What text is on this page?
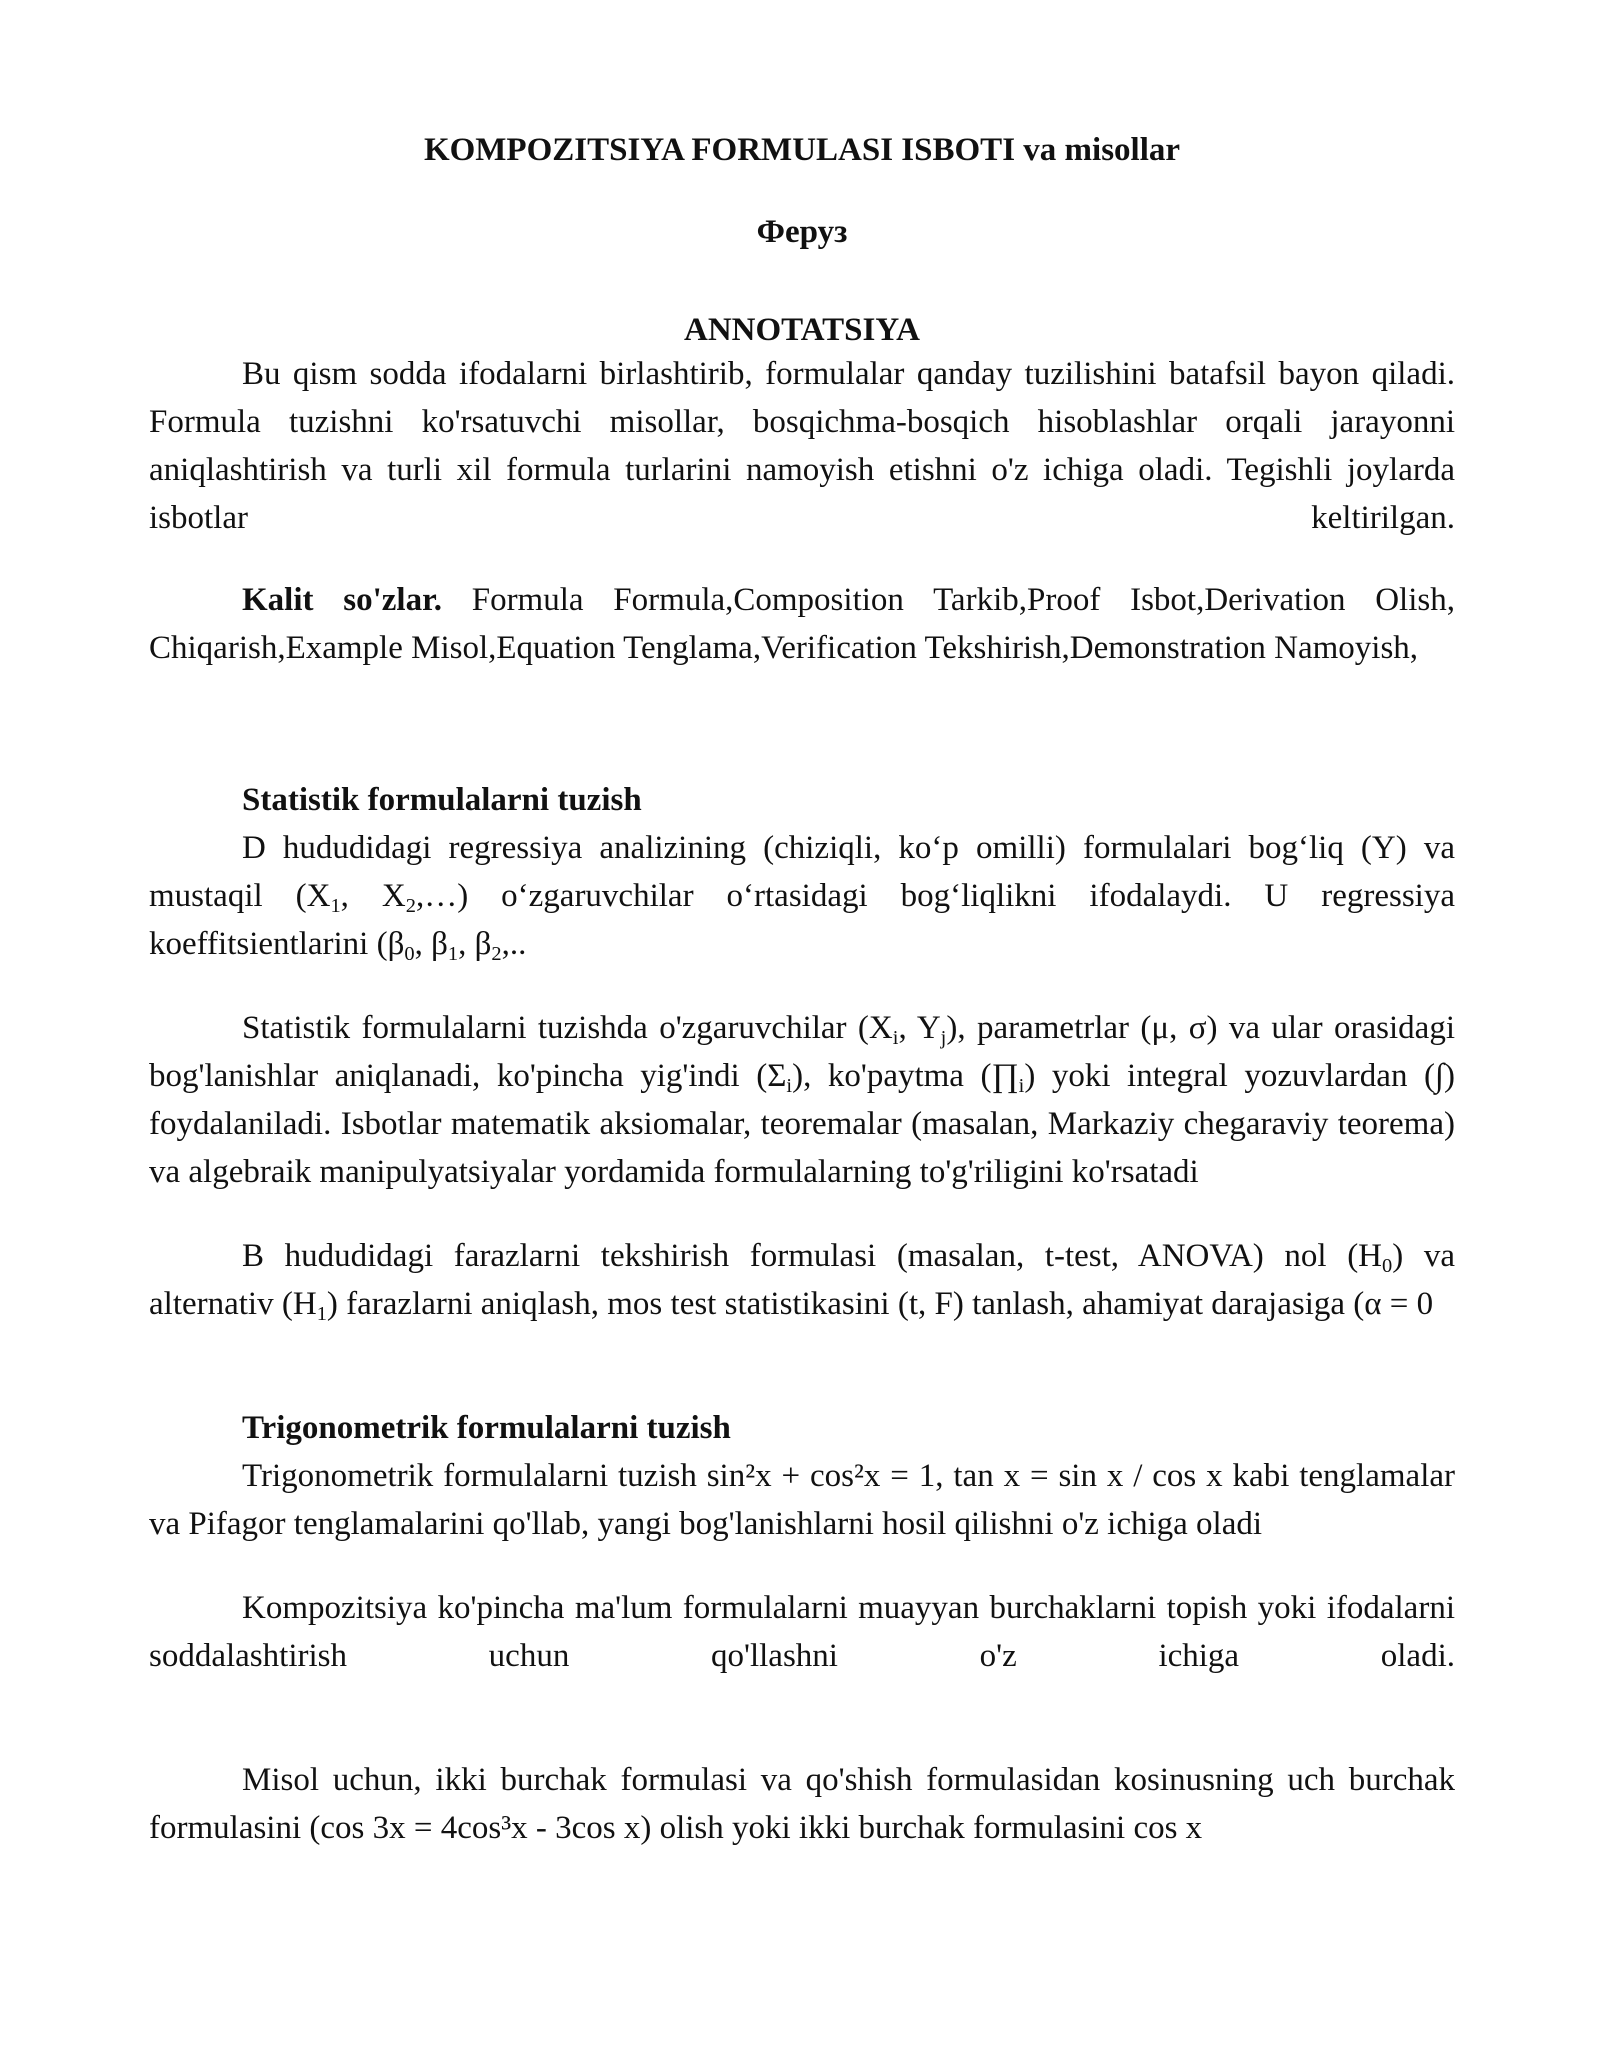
KOMPOZITSIYA FORMULASI ISBOTI va misollar
Феруз
ANNOTATSIYA

Bu qism sodda ifodalarni birlashtirib, formulalar qanday tuzilishini batafsil bayon qiladi. Formula tuzishni ko'rsatuvchi misollar, bosqichma-bosqich hisoblashlar orqali jarayonni aniqlashtirish va turli xil formula turlarini namoyish etishni o'z ichiga oladi. Tegishli joylarda isbotlar keltirilgan.

Kalit so'zlar. Formula Formula,Composition Tarkib,Proof Isbot,Derivation Olish, Chiqarish,Example Misol,Equation Tenglama,Verification Tekshirish,Demonstration Namoyish,

Statistik formulalarni tuzish

D hududidagi regressiya analizining (chiziqli, ko‘p omilli) formulalari bog‘liq (Y) va mustaqil ($X_1$, $X_2,\dots$) o‘zgaruvchilar o‘rtasidagi bog‘liqlikni ifodalaydi. U regressiya koeffitsientlarini ($\beta_0$, $\beta_1$, $\beta_2$,..

Statistik formulalarni tuzishda o'zgaruvchilar ($X_i$, $Y_j$), parametrlar (μ, σ) va ular orasidagi bog'lanishlar aniqlanadi, ko'pincha yig'indi $(\Sigma_i)$, ko'paytma $(\prod_i)$ yoki integral yozuvlardan (∫) foydalaniladi. Isbotlar matematik aksiomalar, teoremalar (masalan, Markaziy chegaraviy teorema) va algebraik manipulyatsiyalar yordamida formulalarning to'g'riligini ko'rsatadi

B hududidagi farazlarni tekshirish formulasi (masalan, t-test, ANOVA) nol $(H_0)$ va alternativ $(H_1)$ farazlarni aniqlash, mos test statistikasini (t, F) tanlash, ahamiyat darajasiga (α = 0

Trigonometrik formulalarni tuzish

Trigonometrik formulalarni tuzish sin²x + cos²x = 1, tan x = sin x / cos x kabi tenglamalar va Pifagor tenglamalarini qo'llab, yangi bog'lanishlarni hosil qilishni o'z ichiga oladi

Kompozitsiya ko'pincha ma'lum formulalarni muayyan burchaklarni topish yoki ifodalarni soddalashtirish uchun qo'llashni o'z ichiga oladi.

Misol uchun, ikki burchak formulasi va qo'shish formulasidan kosinusning uch burchak formulasini (cos 3x = 4cos³x - 3cos x) olish yoki ikki burchak formulasini cos x
